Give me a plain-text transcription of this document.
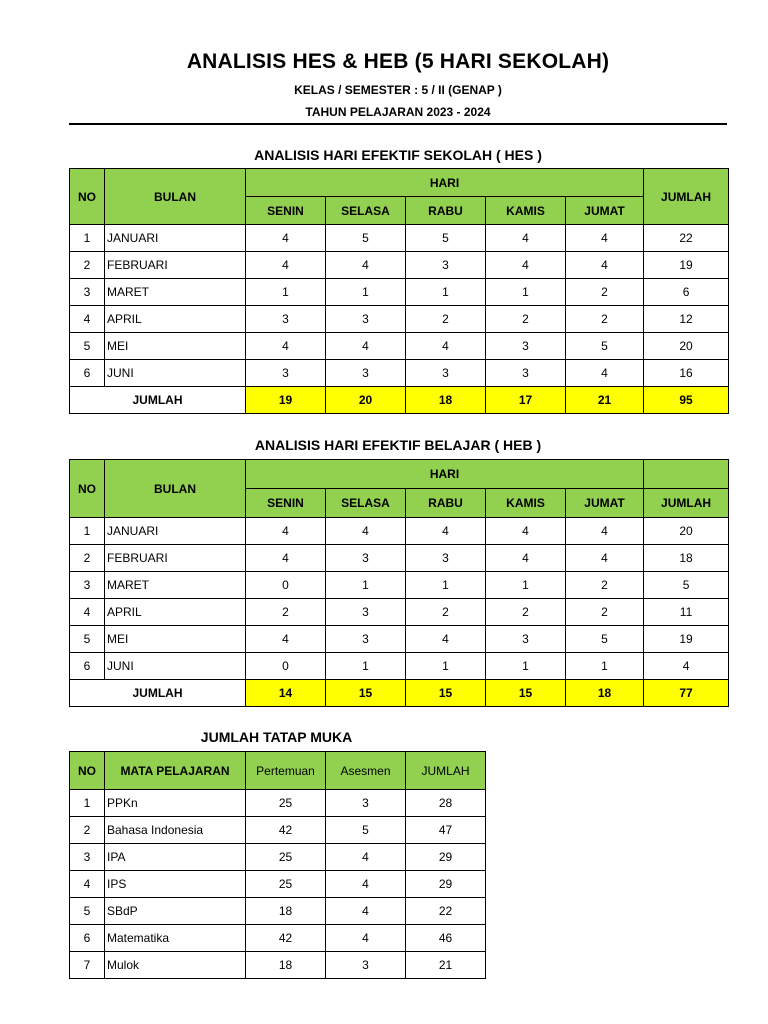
ANALISIS HES & HEB (5 HARI SEKOLAH)
KELAS / SEMESTER : 5 / II (GENAP )
TAHUN PELAJARAN 2023 - 2024
ANALISIS HARI EFEKTIF SEKOLAH ( HES )
NO	BULAN	HARI					JUMLAH
		SENIN	SELASA	RABU	KAMIS	JUMAT	
1	JANUARI	4	5	5	4	4	22
2	FEBRUARI	4	4	3	4	4	19
3	MARET	1	1	1	1	2	6
4	APRIL	3	3	2	2	2	12
5	MEI	4	4	4	3	5	20
6	JUNI	3	3	3	3	4	16
JUMLAH		19	20	18	17	21	95
ANALISIS HARI EFEKTIF BELAJAR ( HEB )
NO	BULAN	HARI					
		SENIN	SELASA	RABU	KAMIS	JUMAT	JUMLAH
1	JANUARI	4	4	4	4	4	20
2	FEBRUARI	4	3	3	4	4	18
3	MARET	0	1	1	1	2	5
4	APRIL	2	3	2	2	2	11
5	MEI	4	3	4	3	5	19
6	JUNI	0	1	1	1	1	4
JUMLAH		14	15	15	15	18	77
JUMLAH TATAP MUKA
NO	MATA PELAJARAN	Pertemuan	Asesmen	JUMLAH
1	PPKn	25	3	28
2	Bahasa Indonesia	42	5	47
3	IPA	25	4	29
4	IPS	25	4	29
5	SBdP	18	4	22
6	Matematika	42	4	46
7	Mulok	18	3	21
